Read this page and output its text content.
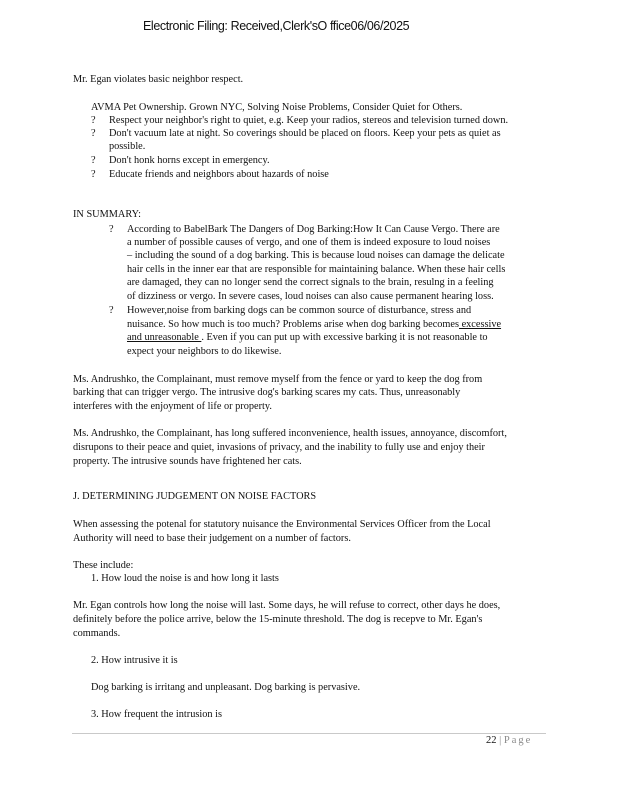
Electronic Filing: Received,Clerk'sO ffice06/06/2025
Mr. Egan violates basic neighbor respect.
AVMA Pet Ownership. Grown NYC, Solving Noise Problems, Consider Quiet for Others.
?	Respect your neighbor's right to quiet, e.g. Keep your radios, stereos and television turned down.
?	Don't vacuum late at night. So coverings should be placed on floors. Keep your pets as quiet as
possible.
?	Don't honk horns except in emergency.
?	Educate friends and neighbors about hazards of noise
IN SUMMARY:
?	According to BabelBark The Dangers of Dog Barking:How It Can Cause Vergo. There are
a number of possible causes of vergo, and one of them is indeed exposure to loud noises
– including the sound of a dog barking. This is because loud noises can damage the delicate
hair cells in the inner ear that are responsible for maintaining balance. When these hair cells
are damaged, they can no longer send the correct signals to the brain, resulng in a feeling
of dizziness or vergo. In severe cases, loud noises can also cause permanent hearing loss.
?	However,noise from barking dogs can be common source of disturbance, stress and
nuisance. So how much is too much? Problems arise when dog barking becomes excessive
and unreasonable . Even if you can put up with excessive barking it is not reasonable to
expect your neighbors to do likewise.
Ms. Andrushko, the Complainant, must remove myself from the fence or yard to keep the dog from
barking that can trigger vergo. The intrusive dog's barking scares my cats. Thus, unreasonably
interferes with the enjoyment of life or property.
Ms. Andrushko, the Complainant, has long suffered inconvenience, health issues, annoyance, discomfort,
disrupons to their peace and quiet, invasions of privacy, and the inability to fully use and enjoy their
property. The intrusive sounds have frightened her cats.
J. DETERMINING JUDGEMENT ON NOISE FACTORS
When assessing the potenal for statutory nuisance the Environmental Services Officer from the Local
Authority will need to base their judgement on a number of factors.
These include:
1. How loud the noise is and how long it lasts
Mr. Egan controls how long the noise will last. Some days, he will refuse to correct, other days he does,
definitely before the police arrive, below the 15-minute threshold. The dog is recepve to Mr. Egan's
commands.
2. How intrusive it is
Dog barking is irritang and unpleasant. Dog barking is pervasive.
3. How frequent the intrusion is
22 | Page
